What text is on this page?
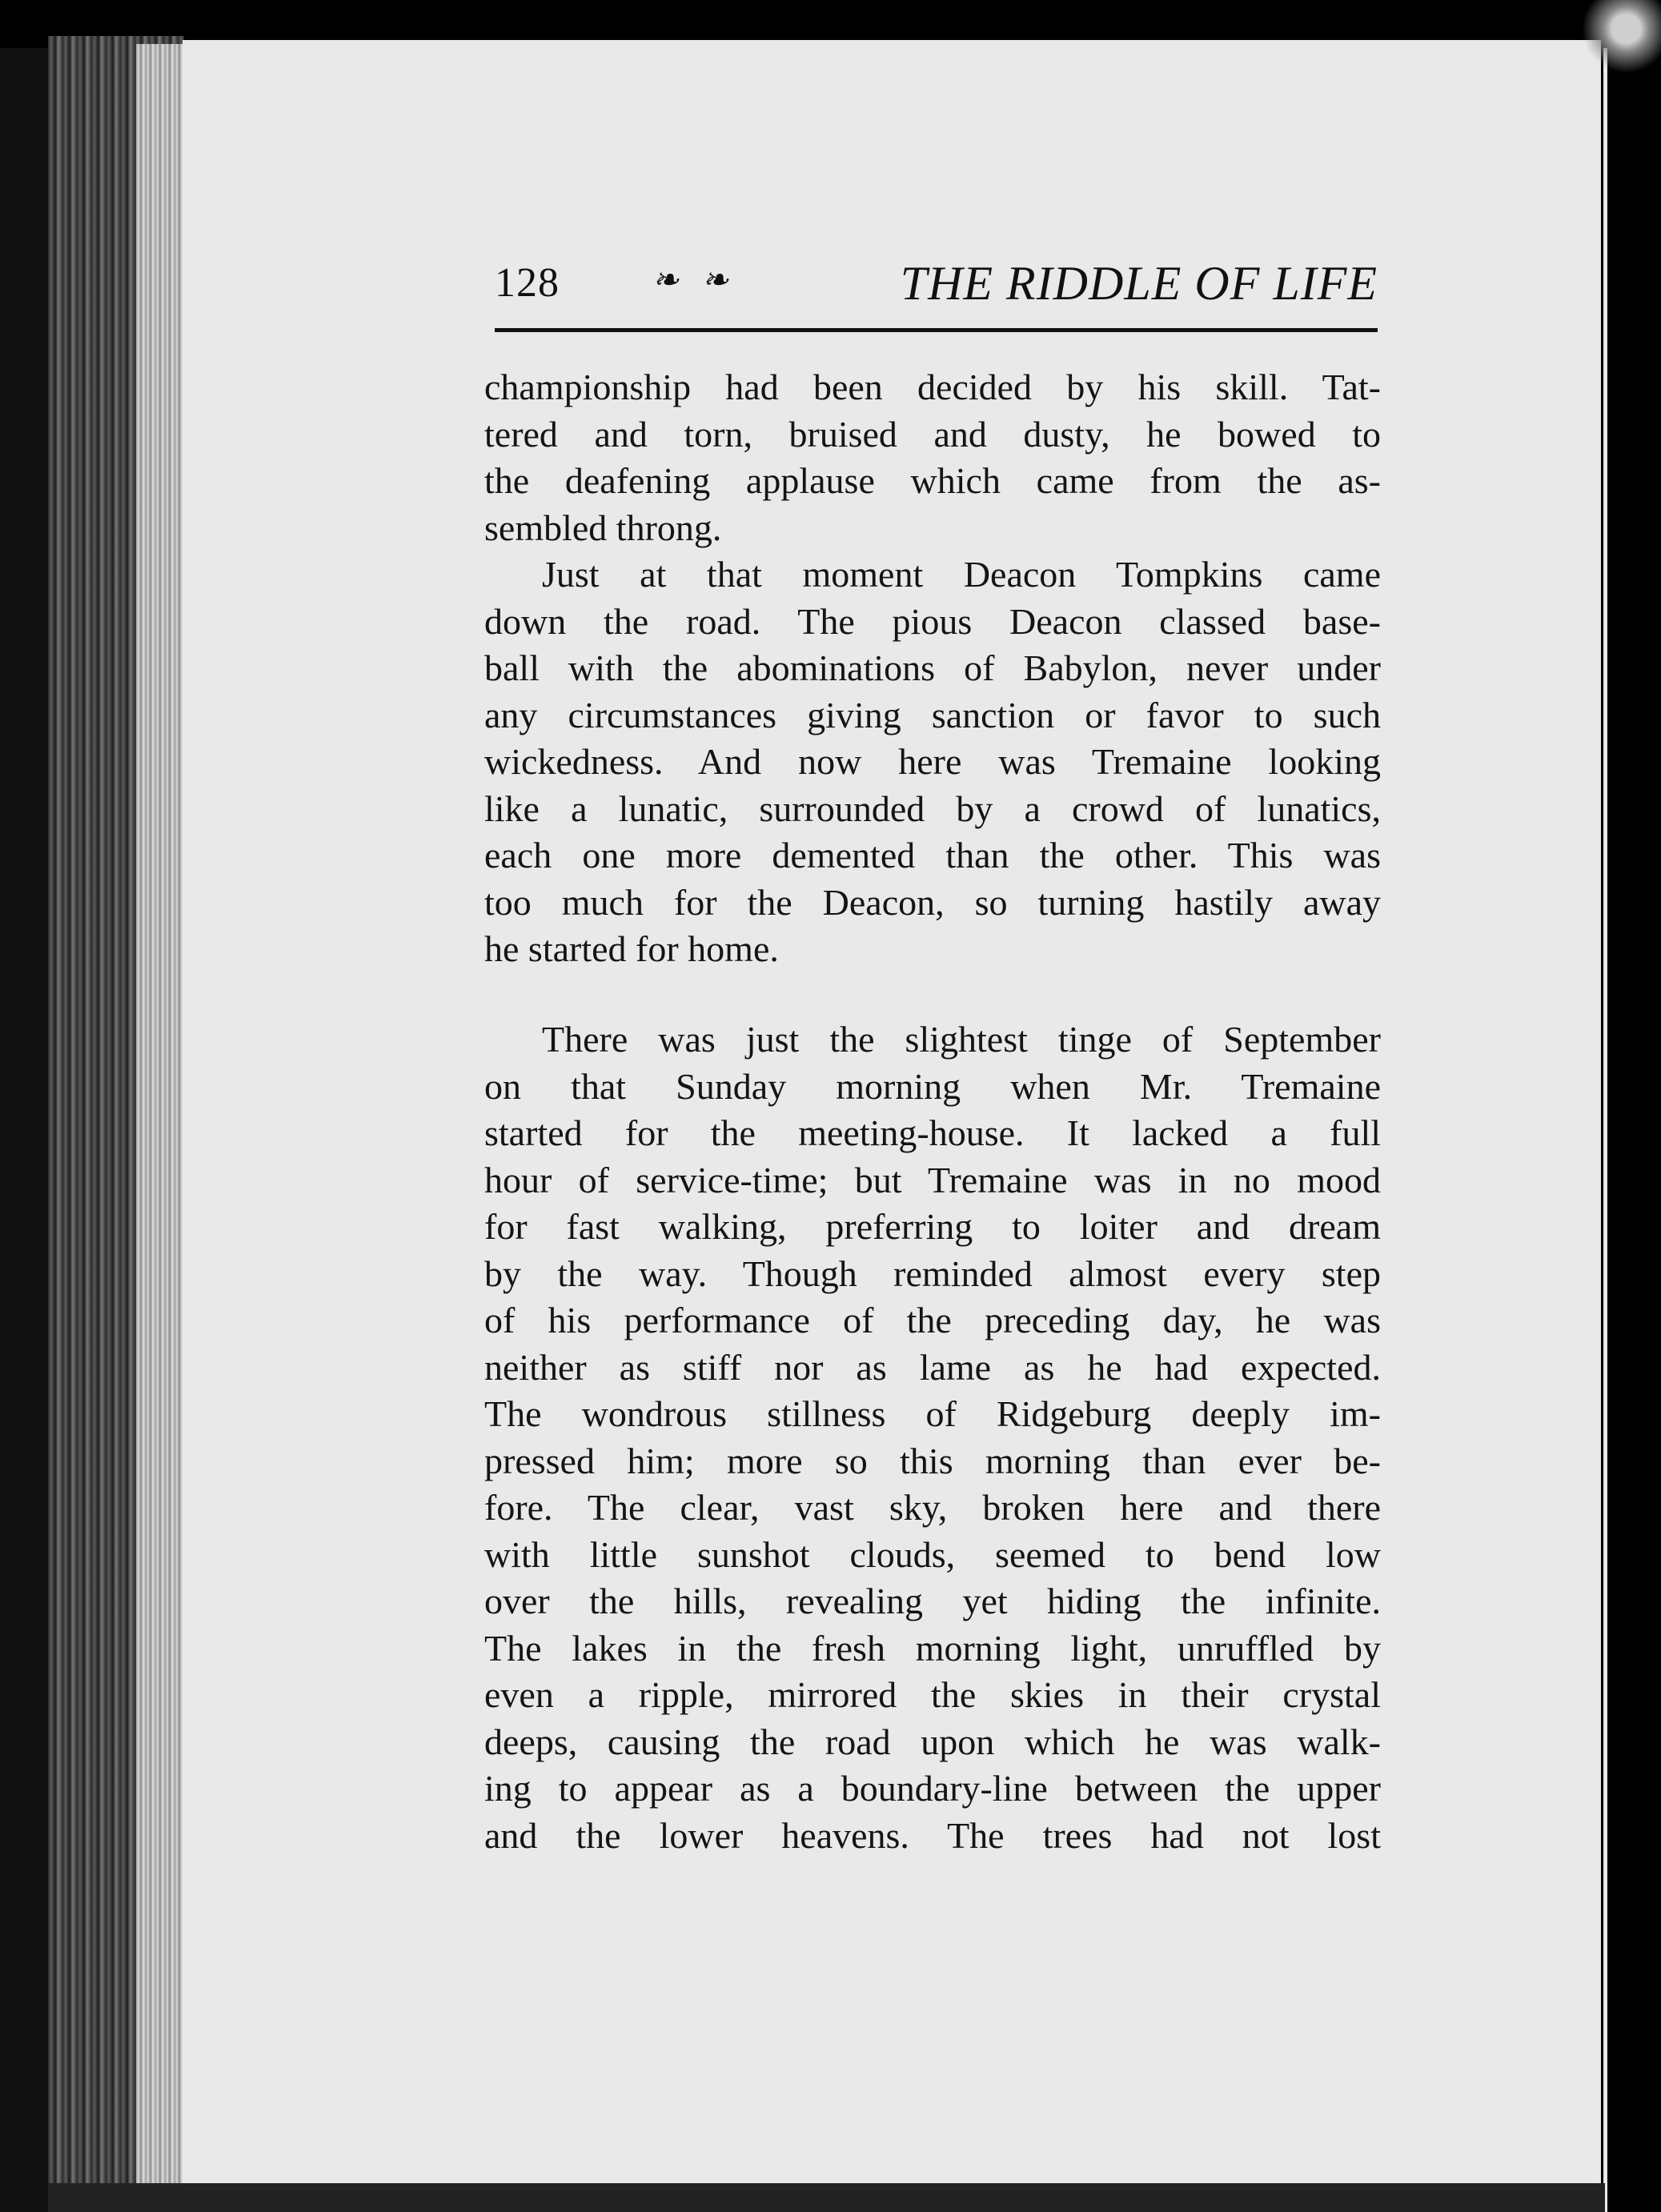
128	❧ ❧	THE RIDDLE OF LIFE
championship had been decided by his skill. Tat-
tered and torn, bruised and dusty, he bowed to
the deafening applause which came from the as-
sembled throng.
Just at that moment Deacon Tompkins came
down the road. The pious Deacon classed base-
ball with the abominations of Babylon, never under
any circumstances giving sanction or favor to such
wickedness. And now here was Tremaine looking
like a lunatic, surrounded by a crowd of lunatics,
each one more demented than the other. This was
too much for the Deacon, so turning hastily away
he started for home.
There was just the slightest tinge of September
on that Sunday morning when Mr. Tremaine
started for the meeting-house. It lacked a full
hour of service-time; but Tremaine was in no mood
for fast walking, preferring to loiter and dream
by the way. Though reminded almost every step
of his performance of the preceding day, he was
neither as stiff nor as lame as he had expected.
The wondrous stillness of Ridgeburg deeply im-
pressed him; more so this morning than ever be-
fore. The clear, vast sky, broken here and there
with little sunshot clouds, seemed to bend low
over the hills, revealing yet hiding the infinite.
The lakes in the fresh morning light, unruffled by
even a ripple, mirrored the skies in their crystal
deeps, causing the road upon which he was walk-
ing to appear as a boundary-line between the upper
and the lower heavens. The trees had not lost
